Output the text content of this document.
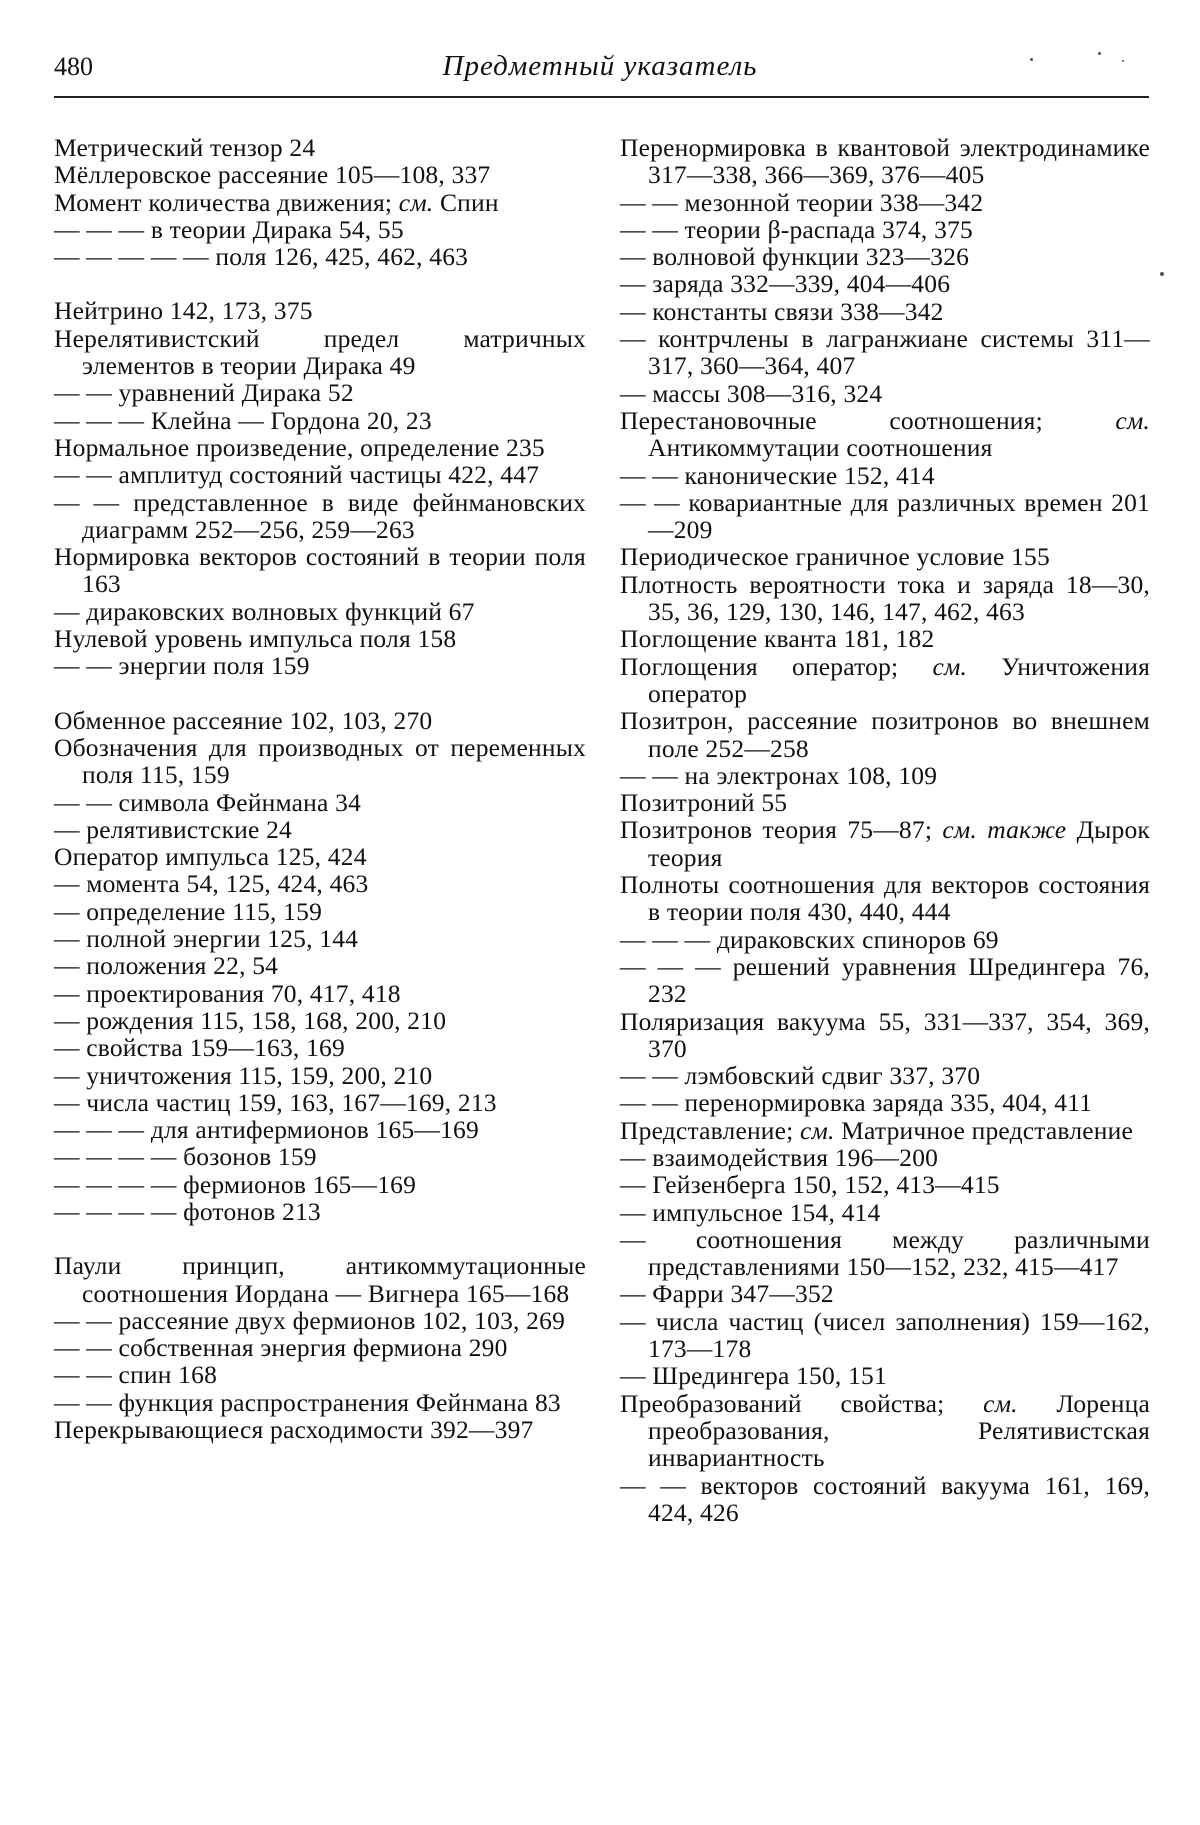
480	Предметный указатель
Метрический тензор 24
Мёллеровское рассеяние 105—108, 337
Момент количества движения; см. Спин
— — — в теории Дирака 54, 55
— — — — — поля 126, 425, 462, 463
Нейтрино 142, 173, 375
Нерелятивистский предел матричных элементов в теории Дирака 49
— — уравнений Дирака 52
— — — Клейна — Гордона 20, 23
Нормальное произведение, определение 235
— — амплитуд состояний частицы 422, 447
— — представленное в виде фейнмановских диаграмм 252—256, 259—263
Нормировка векторов состояний в теории поля 163
— дираковских волновых функций 67
Нулевой уровень импульса поля 158
— — энергии поля 159
Обменное рассеяние 102, 103, 270
Обозначения для производных от переменных поля 115, 159
— — символа Фейнмана 34
— релятивистские 24
Оператор импульса 125, 424
— момента 54, 125, 424, 463
— определение 115, 159
— полной энергии 125, 144
— положения 22, 54
— проектирования 70, 417, 418
— рождения 115, 158, 168, 200, 210
— свойства 159—163, 169
— уничтожения 115, 159, 200, 210
— числа частиц 159, 163, 167—169, 213
— — — для антифермионов 165—169
— — — — бозонов 159
— — — — фермионов 165—169
— — — — фотонов 213
Паули принцип, антикоммутационные соотношения Иордана — Вигнера 165—168
— — рассеяние двух фермионов 102, 103, 269
— — собственная энергия фермиона 290
— — спин 168
— — функция распространения Фейнмана 83
Перекрывающиеся расходимости 392—397
Перенормировка в квантовой электродинамике 317—338, 366—369, 376—405
— — мезонной теории 338—342
— — теории β-распада 374, 375
— волновой функции 323—326
— заряда 332—339, 404—406
— константы связи 338—342
— контрчлены в лагранжиане системы 311—317, 360—364, 407
— массы 308—316, 324
Перестановочные соотношения; см. Антикоммутации соотношения
— — канонические 152, 414
— — ковариантные для различных времен 201—209
Периодическое граничное условие 155
Плотность вероятности тока и заряда 18—30, 35, 36, 129, 130, 146, 147, 462, 463
Поглощение кванта 181, 182
Поглощения оператор; см. Уничтожения оператор
Позитрон, рассеяние позитронов во внешнем поле 252—258
— — на электронах 108, 109
Позитроний 55
Позитронов теория 75—87; см. также Дырок теория
Полноты соотношения для векторов состояния в теории поля 430, 440, 444
— — — дираковских спиноров 69
— — — решений уравнения Шредингера 76, 232
Поляризация вакуума 55, 331—337, 354, 369, 370
— — лэмбовский сдвиг 337, 370
— — перенормировка заряда 335, 404, 411
Представление; см. Матричное представление
— взаимодействия 196—200
— Гейзенберга 150, 152, 413—415
— импульсное 154, 414
— соотношения между различными представлениями 150—152, 232, 415—417
— Фарри 347—352
— числа частиц (чисел заполнения) 159—162, 173—178
— Шредингера 150, 151
Преобразований свойства; см. Лоренца преобразования, Релятивистская инвариантность
— — векторов состояний вакуума 161, 169, 424, 426
